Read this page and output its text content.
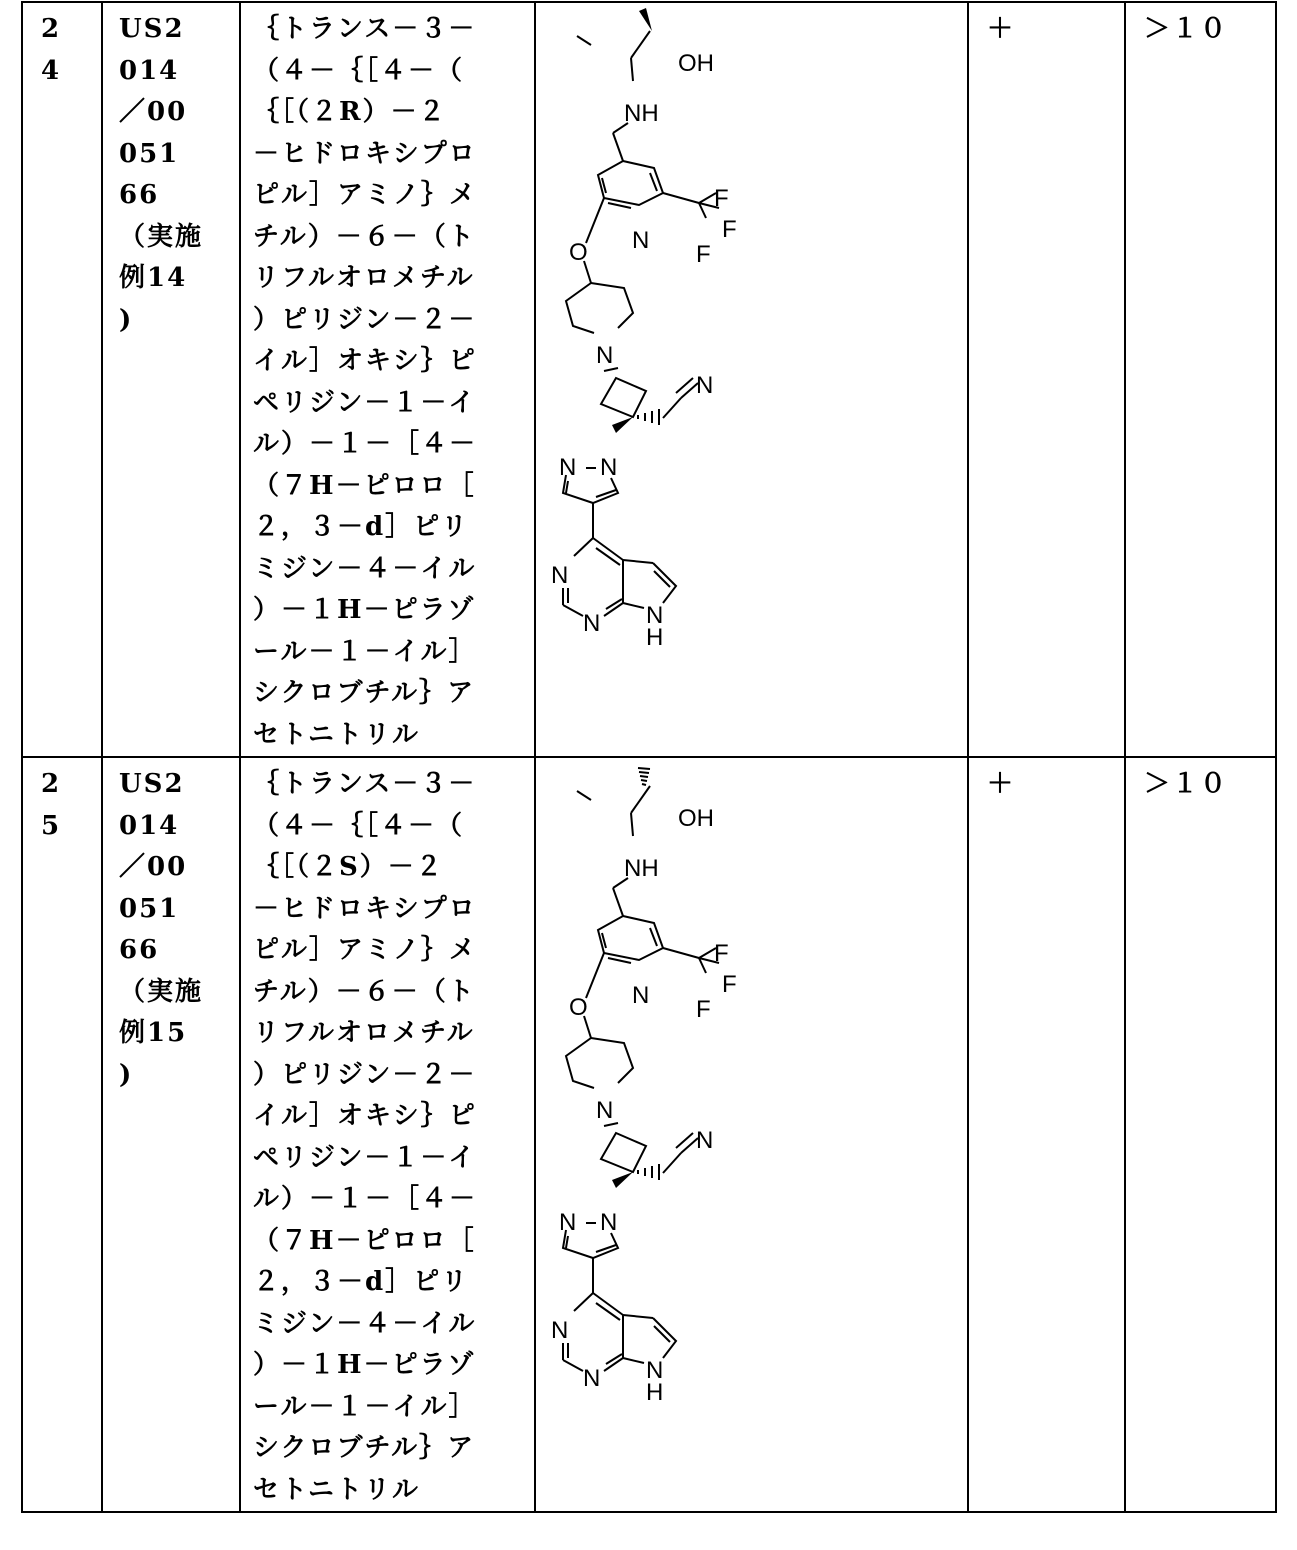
2
4

US2
014
／00
051
66
（実施
例14
)

｛トランス－３－
（４－｛［４－（
｛［（２R）－２
－ヒドロキシプロ
ピル］アミノ｝メ
チル）－６－（ト
リフルオロメチル
）ピリジン－２－
イル］オキシ｝ピ
ペリジン－１－イ
ル）－１－［４－
（７H－ピロロ［
２，３－d］ピリ
ミジン－４－イル
）－１H－ピラゾ
ール－１－イル］
シクロブチル｝ア
セトニトリル

OH
NH
N
F
F
F
O
N
N
N N
N
N N
H

＋	＞１０

2
5

US2
014
／00
051
66
（実施
例15
)

｛トランス－３－
（４－｛［４－（
｛［（２S）－２
－ヒドロキシプロ
ピル］アミノ｝メ
チル）－６－（ト
リフルオロメチル
）ピリジン－２－
イル］オキシ｝ピ
ペリジン－１－イ
ル）－１－［４－
（７H－ピロロ［
２，３－d］ピリ
ミジン－４－イル
）－１H－ピラゾ
ール－１－イル］
シクロブチル｝ア
セトニトリル

OH
NH
N
F
F
F
O
N
N
N N
N
N N
H

＋	＞１０
